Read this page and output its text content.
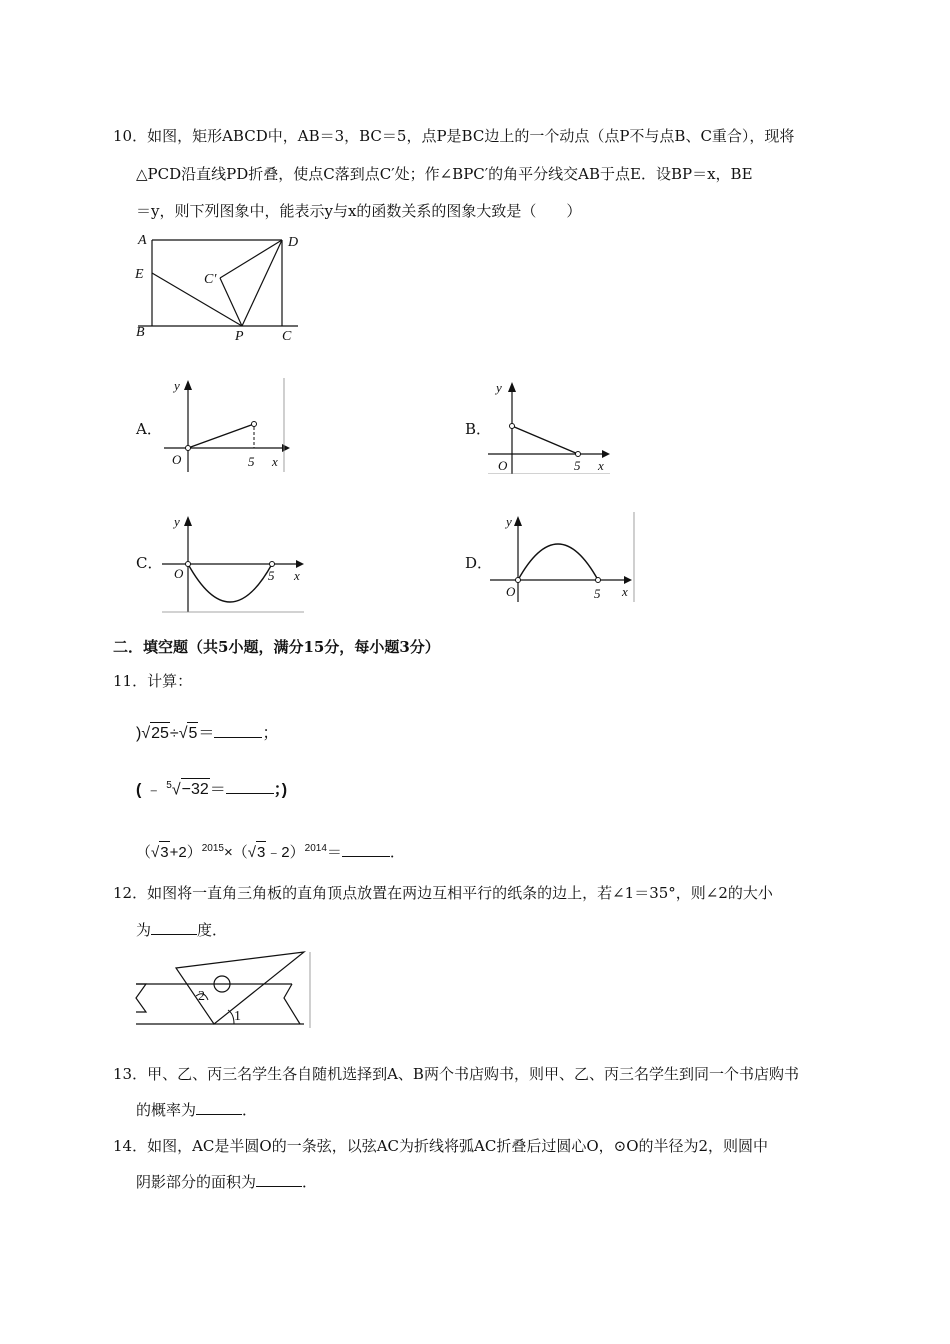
10．如图，矩形ABCD中，AB＝3，BC＝5，点P是BC边上的一个动点（点P不与点B、C重合），现将
△PCD沿直线PD折叠，使点C落到点C′处；作∠BPC′的角平分线交AB于点E．设BP＝x，BE
＝y，则下列图象中，能表示y与x的函数关系的图象大致是（　　）
A	D
E	C′
B	P	C
A．
y
O	5 x
B．
y
O	5 x
C．
y
O	5 x
D．
y
O	5 x
二．填空题（共5小题，满分15分，每小题3分）
11．计算：
)√25÷√5＝	；
( ﹣ $^5$√−32＝	；)
$(√3+2)^{2015}\times(√3﹣2)^{2014}=$	．
12．如图将一直角三角板的直角顶点放置在两边互相平行的纸条的边上，若∠1＝35°，则∠2的大小
为	度．
2
1
13．甲、乙、丙三名学生各自随机选择到A、B两个书店购书，则甲、乙、丙三名学生到同一个书店购书
的概率为	．
14．如图，AC是半圆O的一条弦，以弦AC为折线将弧AC折叠后过圆心O，⊙O的半径为2，则圆中
阴影部分的面积为	．
